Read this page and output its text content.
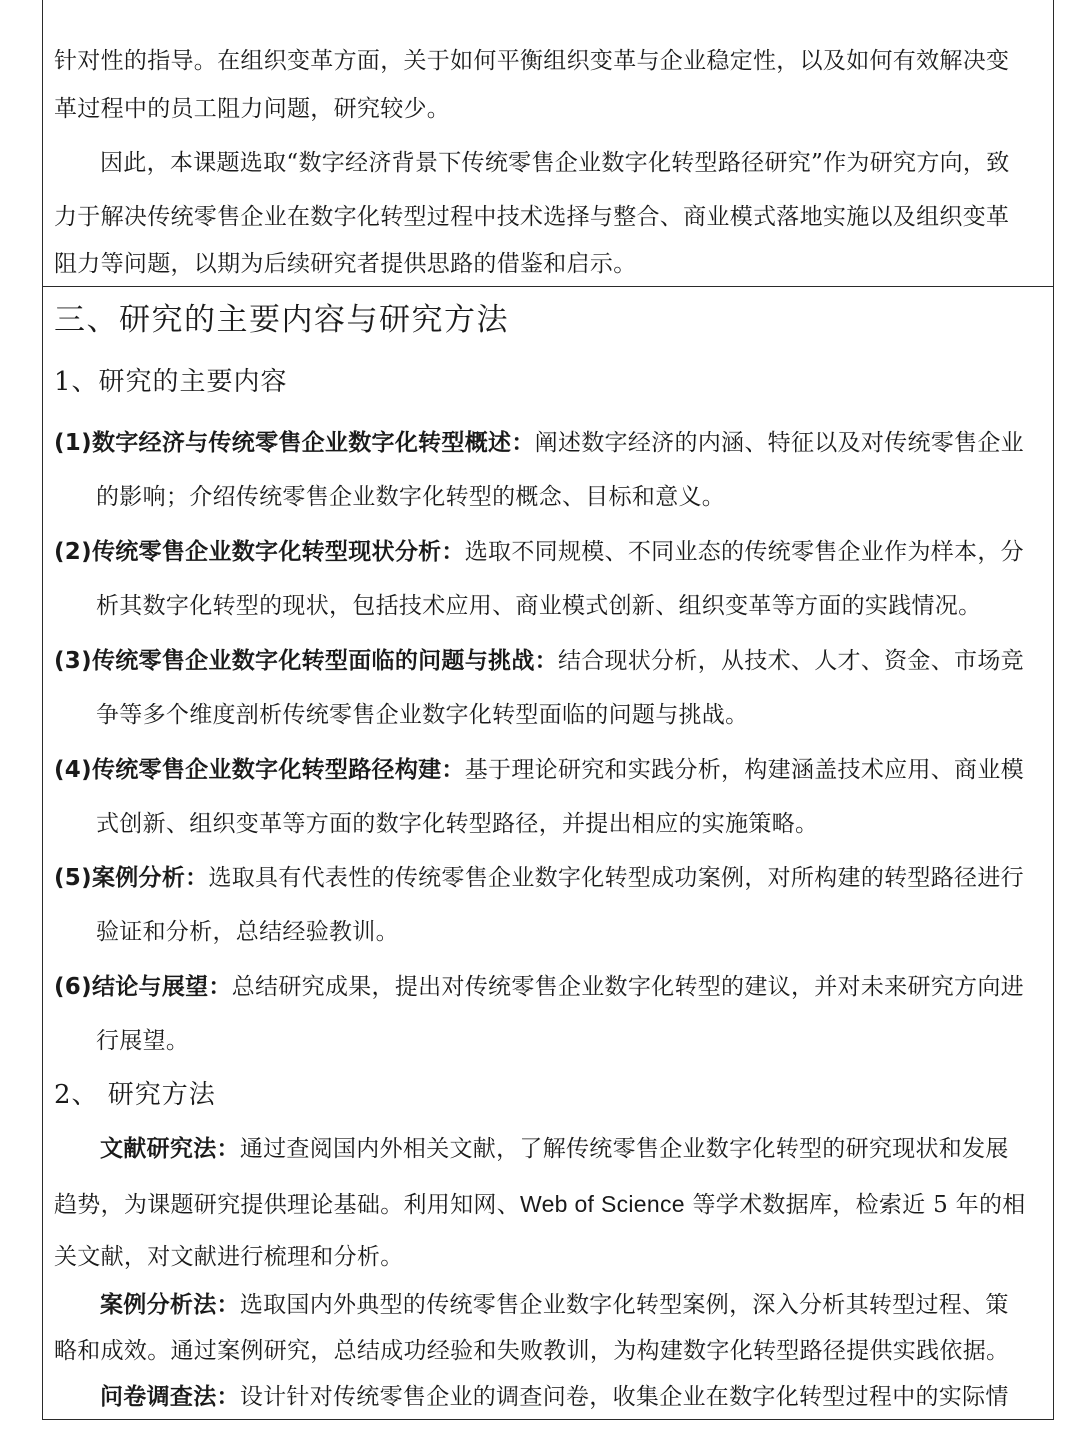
针对性的指导。在组织变革方面，关于如何平衡组织变革与企业稳定性，以及如何有效解决变
革过程中的员工阻力问题，研究较少。
因此，本课题选取“数字经济背景下传统零售企业数字化转型路径研究”作为研究方向，致
力于解决传统零售企业在数字化转型过程中技术选择与整合、商业模式落地实施以及组织变革
阻力等问题，以期为后续研究者提供思路的借鉴和启示。
三、研究的主要内容与研究方法
1、研究的主要内容
(1)数字经济与传统零售企业数字化转型概述：阐述数字经济的内涵、特征以及对传统零售企业
的影响；介绍传统零售企业数字化转型的概念、目标和意义。
(2)传统零售企业数字化转型现状分析：选取不同规模、不同业态的传统零售企业作为样本，分
析其数字化转型的现状，包括技术应用、商业模式创新、组织变革等方面的实践情况。
(3)传统零售企业数字化转型面临的问题与挑战：结合现状分析，从技术、人才、资金、市场竞
争等多个维度剖析传统零售企业数字化转型面临的问题与挑战。
(4)传统零售企业数字化转型路径构建：基于理论研究和实践分析，构建涵盖技术应用、商业模
式创新、组织变革等方面的数字化转型路径，并提出相应的实施策略。
(5)案例分析：选取具有代表性的传统零售企业数字化转型成功案例，对所构建的转型路径进行
验证和分析，总结经验教训。
(6)结论与展望：总结研究成果，提出对传统零售企业数字化转型的建议，并对未来研究方向进
行展望。
2、 研究方法
文献研究法：通过查阅国内外相关文献，了解传统零售企业数字化转型的研究现状和发展
趋势，为课题研究提供理论基础。利用知网、Web of Science 等学术数据库，检索近 5 年的相
关文献，对文献进行梳理和分析。
案例分析法：选取国内外典型的传统零售企业数字化转型案例，深入分析其转型过程、策
略和成效。通过案例研究，总结成功经验和失败教训，为构建数字化转型路径提供实践依据。
问卷调查法：设计针对传统零售企业的调查问卷，收集企业在数字化转型过程中的实际情
